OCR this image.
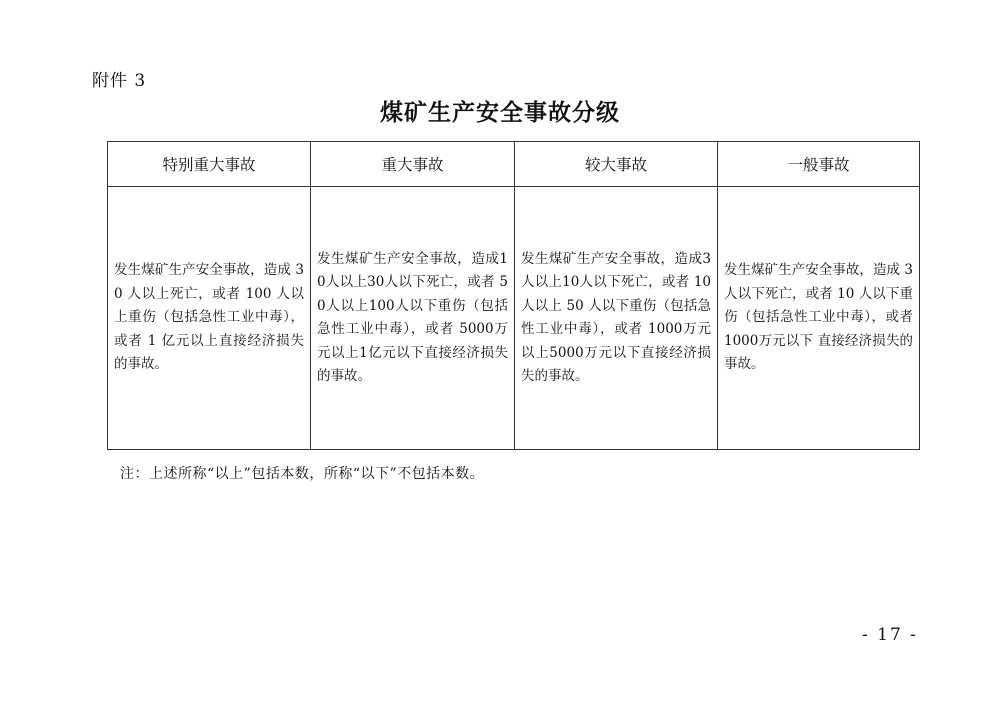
附件 3
煤矿生产安全事故分级
特别重大事故	重大事故	较大事故	一般事故
发生煤矿生产安全事故，造成 30 人以上死亡，或者 100 人以上重伤（包括急性工业中毒），或者 1 亿元以上直接经济损失的事故。	发生煤矿生产安全事故，造成10人以上30人以下死亡，或者 50人以上100人以下重伤（包括急性工业中毒），或者 5000万元以上1亿元以下直接经济损失的事故。	发生煤矿生产安全事故，造成3人以上10人以下死亡，或者 10 人以上 50 人以下重伤（包括急性工业中毒），或者 1000万元以上5000万元以下直接经济损失的事故。	发生煤矿生产安全事故，造成 3 人以下死亡，或者 10 人以下重伤（包括急性工业中毒），或者 1000万元以下 直接经济损失的事故。
注：上述所称“以上”包括本数，所称“以下”不包括本数。
- 17 -
